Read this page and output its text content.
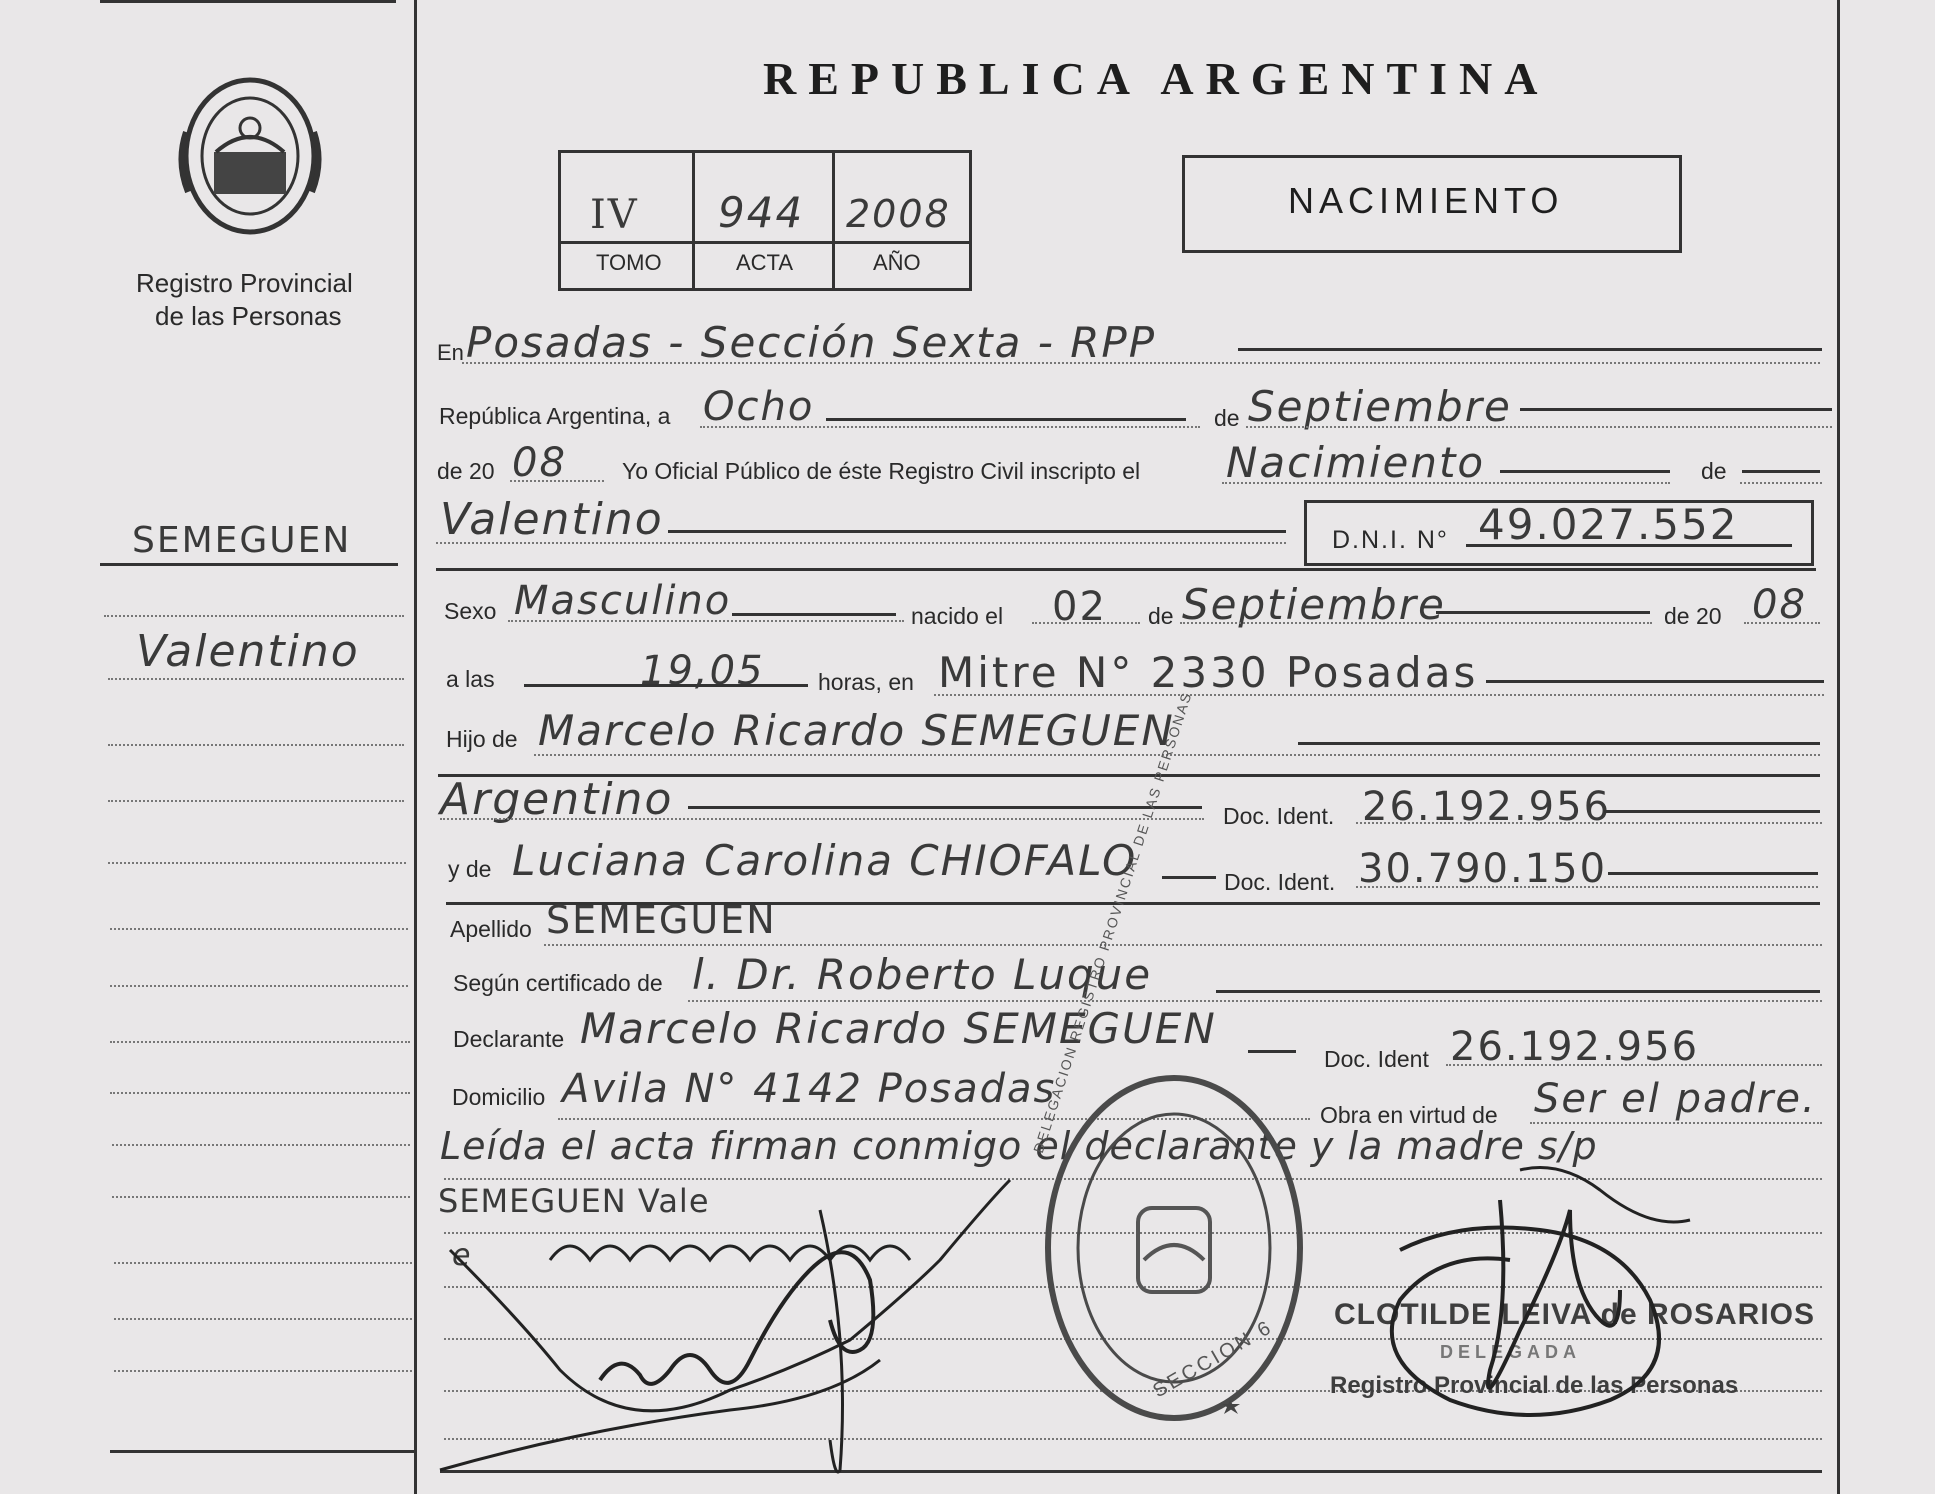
Registro Provincial
de las Personas
SEMEGUEN
Valentino
REPUBLICA ARGENTINA
IV 944 2008
TOMO	ACTA	AÑO
NACIMIENTO
En Posadas - Sección Sexta - RPP
República Argentina, a Ocho	de Septiembre
de 20 08 Yo Oficial Público de éste Registro Civil inscripto el Nacimiento	de
Valentino	D.N.I. N° 49.027.552
Sexo Masculino	nacido el 02 de Septiembre	de 20 08
a las	19,05 horas, en Mitre N° 2330 Posadas
Hijo de Marcelo Ricardo SEMEGUEN
Argentino	Doc. Ident. 26.192.956
y de Luciana Carolina CHIOFALO	Doc. Ident. 30.790.150
Apellido SEMEGUEN
Según certificado de l. Dr. Roberto Luque
Declarante Marcelo Ricardo SEMEGUEN
Doc. Ident 26.192.956
Domicilio Avila N° 4142 Posadas
Obra en virtud de Ser el padre.
Leída el acta firman conmigo el declarante y la madre s/p
SEMEGUEN Vale
e
DELEGACION REGISTRO PROVINCIAL DE LAS PERSONAS
SECCION 6
CLOTILDE LEIVA de ROSARIOS
DELEGADA
Registro Provincial de las Personas
